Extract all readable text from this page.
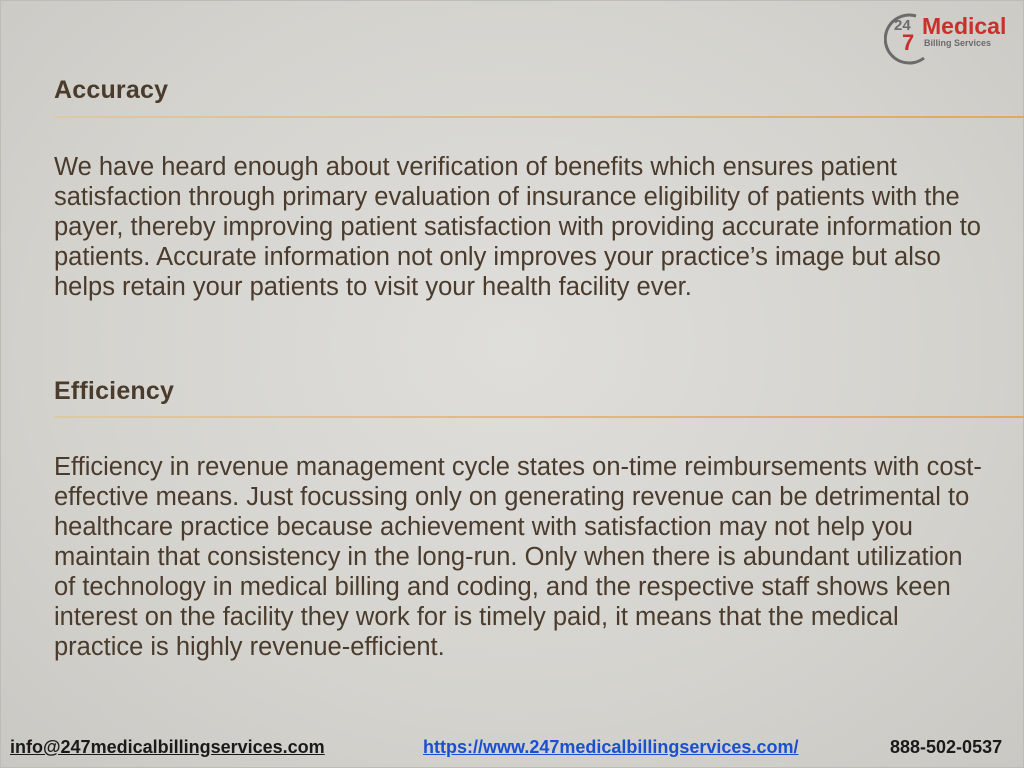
24
7
Medical
Billing Services
Accuracy

We have heard enough about verification of benefits which ensures patient satisfaction through primary evaluation of insurance eligibility of patients with the payer, thereby improving patient satisfaction with providing accurate information to patients. Accurate information not only improves your practice’s image but also helps retain your patients to visit your health facility ever.

Efficiency

Efficiency in revenue management cycle states on-time reimbursements with cost-effective means. Just focussing only on generating revenue can be detrimental to healthcare practice because achievement with satisfaction may not help you maintain that consistency in the long-run. Only when there is abundant utilization of technology in medical billing and coding, and the respective staff shows keen interest on the facility they work for is timely paid, it means that the medical practice is highly revenue-efficient.

info@247medicalbillingservices.com	https://www.247medicalbillingservices.com/	888-502-0537
